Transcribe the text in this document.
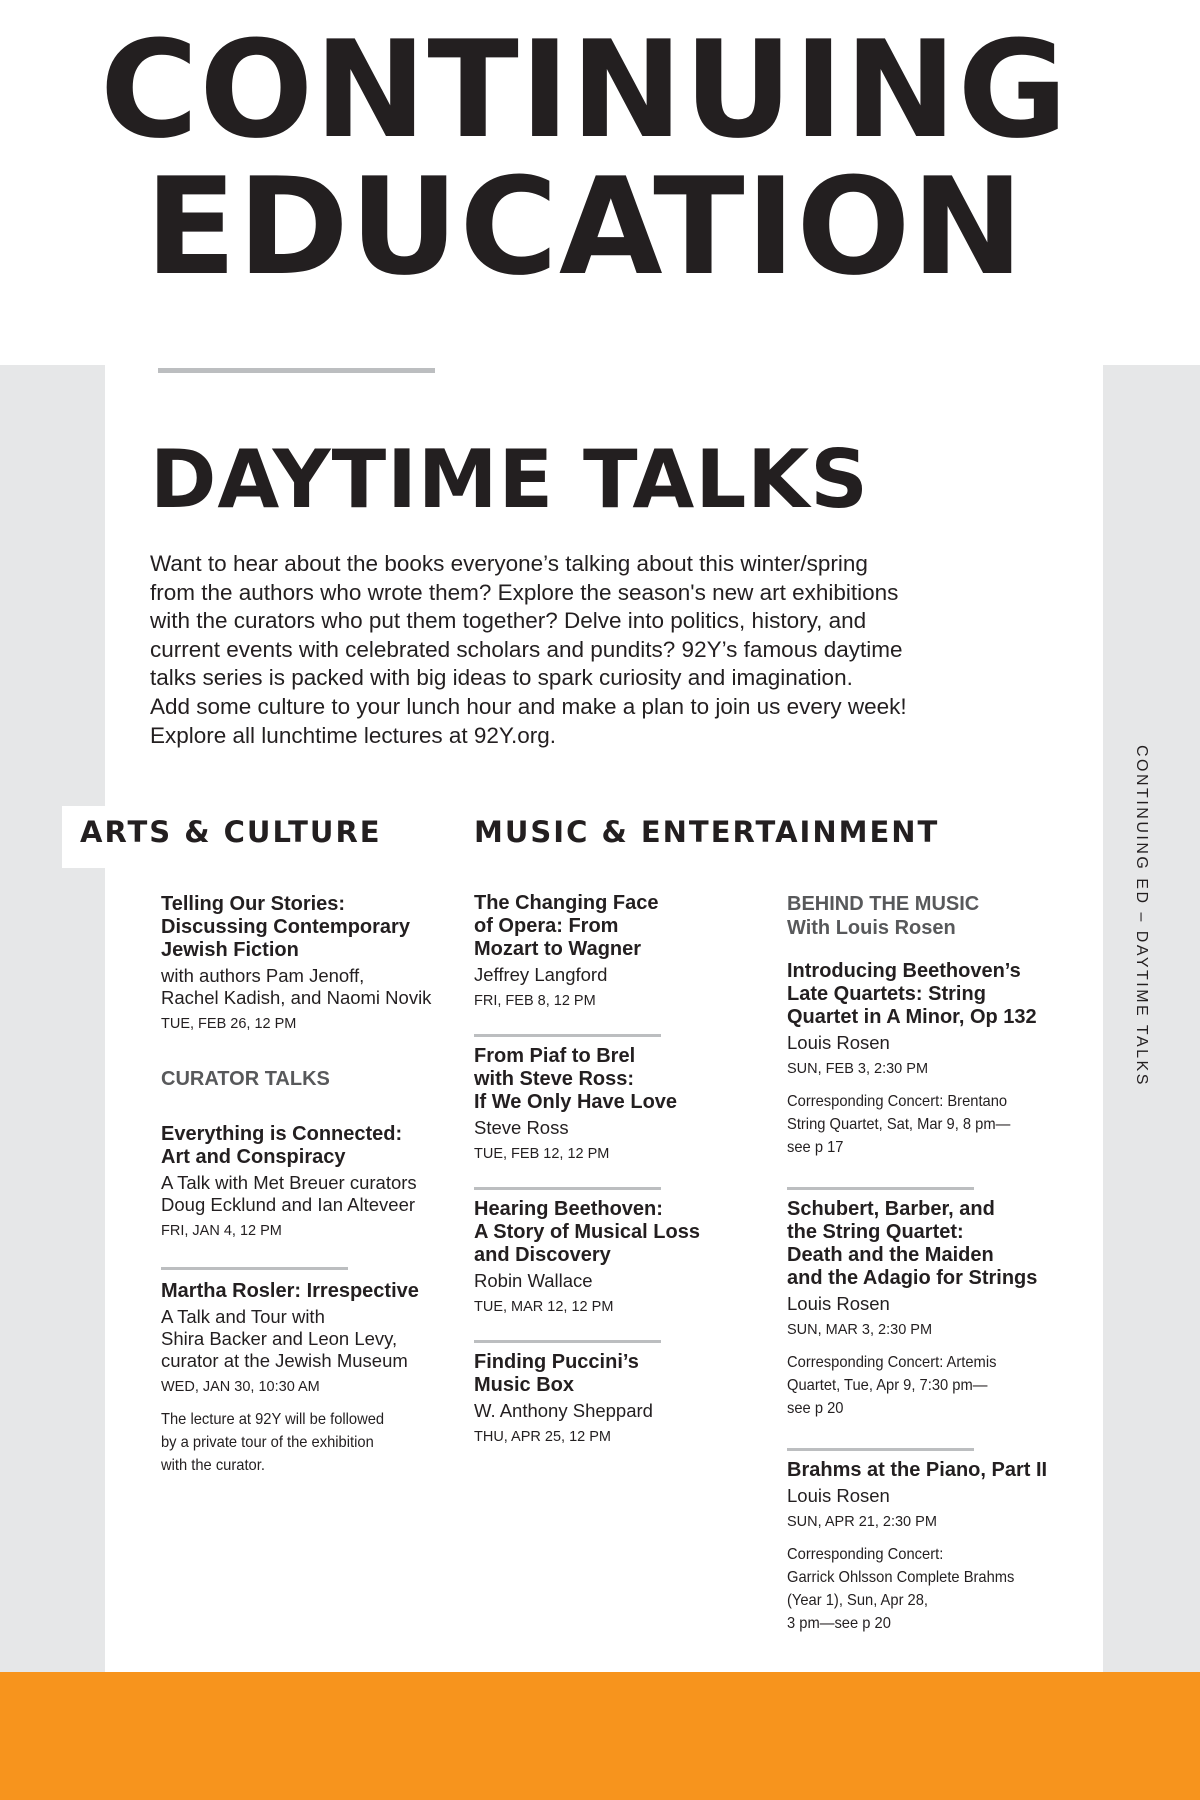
CONTINUING
EDUCATION
DAYTIME TALKS

Want to hear about the books everyone’s talking about this winter/spring
from the authors who wrote them? Explore the season's new art exhibitions
with the curators who put them together? Delve into politics, history, and
current events with celebrated scholars and pundits? 92Y’s famous daytime
talks series is packed with big ideas to spark curiosity and imagination.
Add some culture to your lunch hour and make a plan to join us every week!
Explore all lunchtime lectures at 92Y.org.

ARTS & CULTURE	MUSIC & ENTERTAINMENT	CONTINUING ED – DAYTIME TALKS

Telling Our Stories:
Discussing Contemporary
Jewish Fiction

with authors Pam Jenoff,
Rachel Kadish, and Naomi Novik

TUE, FEB 26, 12 PM

CURATOR TALKS

Everything is Connected:
Art and Conspiracy

A Talk with Met Breuer curators
Doug Ecklund and Ian Alteveer

FRI, JAN 4, 12 PM

Martha Rosler: Irrespective

A Talk and Tour with
Shira Backer and Leon Levy,
curator at the Jewish Museum

WED, JAN 30, 10:30 AM

The lecture at 92Y will be followed
by a private tour of the exhibition
with the curator.

The Changing Face
of Opera: From
Mozart to Wagner

Jeffrey Langford

FRI, FEB 8, 12 PM

From Piaf to Brel
with Steve Ross:
If We Only Have Love

Steve Ross

TUE, FEB 12, 12 PM

Hearing Beethoven:
A Story of Musical Loss
and Discovery

Robin Wallace

TUE, MAR 12, 12 PM

Finding Puccini’s
Music Box

W. Anthony Sheppard

THU, APR 25, 12 PM

BEHIND THE MUSIC
With Louis Rosen

Introducing Beethoven’s
Late Quartets: String
Quartet in A Minor, Op 132

Louis Rosen

SUN, FEB 3, 2:30 PM

Corresponding Concert: Brentano
String Quartet, Sat, Mar 9, 8 pm—
see p 17

Schubert, Barber, and
the String Quartet:
Death and the Maiden
and the Adagio for Strings

Louis Rosen

SUN, MAR 3, 2:30 PM

Corresponding Concert: Artemis
Quartet, Tue, Apr 9, 7:30 pm—
see p 20

Brahms at the Piano, Part II

Louis Rosen

SUN, APR 21, 2:30 PM

Corresponding Concert:
Garrick Ohlsson Complete Brahms
(Year 1), Sun, Apr 28,
3 pm—see p 20
